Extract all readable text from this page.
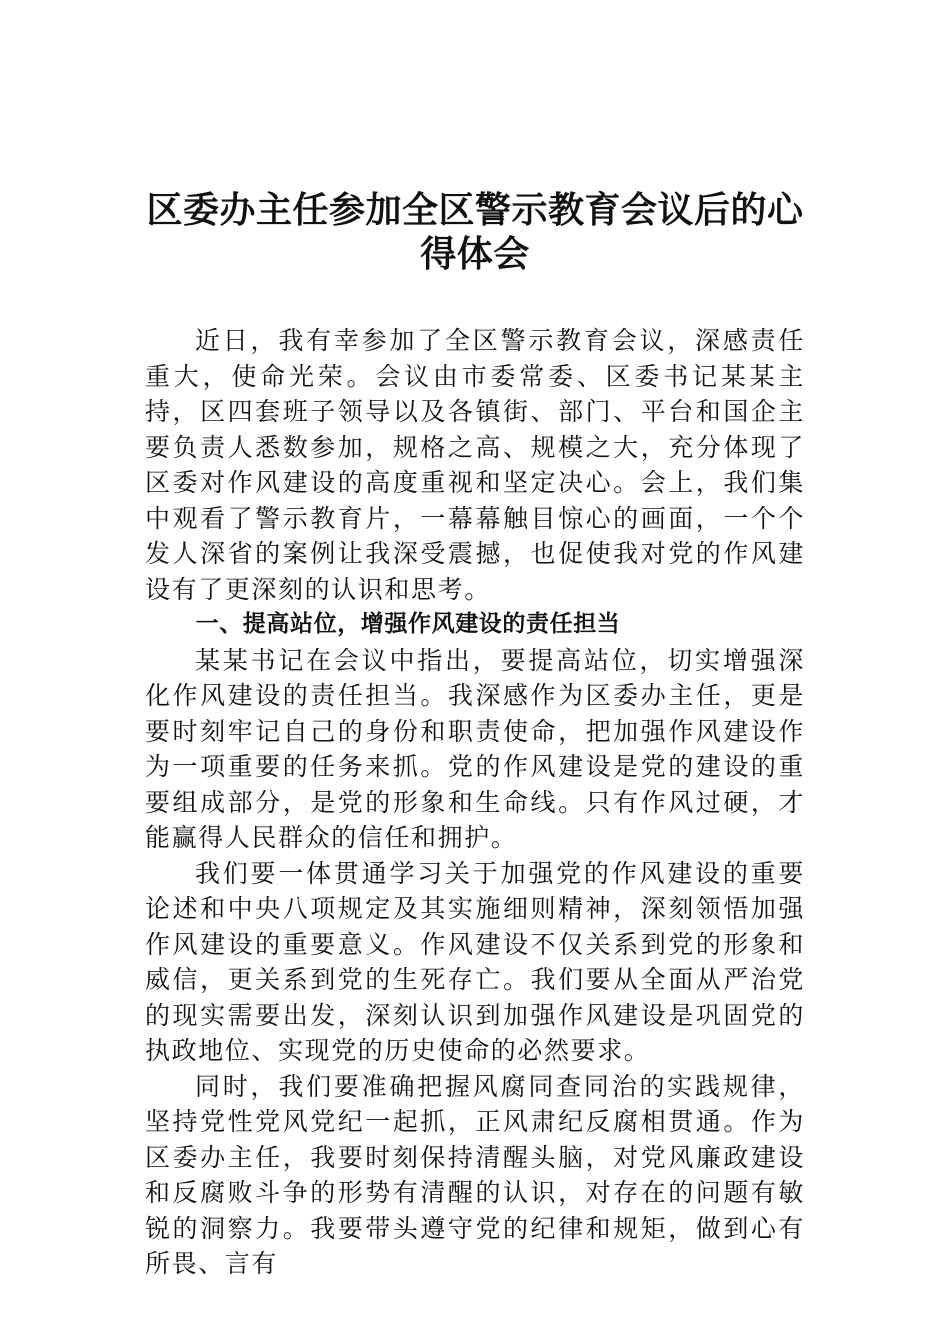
区委办主任参加全区警示教育会议后的心
得体会

近日，我有幸参加了全区警示教育会议，深感责任重大，使命光荣。会议由市委常委、区委书记某某主持，区四套班子领导以及各镇街、部门、平台和国企主要负责人悉数参加，规格之高、规模之大，充分体现了区委对作风建设的高度重视和坚定决心。会上，我们集中观看了警示教育片，一幕幕触目惊心的画面，一个个发人深省的案例让我深受震撼，也促使我对党的作风建设有了更深刻的认识和思考。

一、提高站位，增强作风建设的责任担当

某某书记在会议中指出，要提高站位，切实增强深化作风建设的责任担当。我深感作为区委办主任，更是要时刻牢记自己的身份和职责使命，把加强作风建设作为一项重要的任务来抓。党的作风建设是党的建设的重要组成部分，是党的形象和生命线。只有作风过硬，才能赢得人民群众的信任和拥护。

我们要一体贯通学习关于加强党的作风建设的重要论述和中央八项规定及其实施细则精神，深刻领悟加强作风建设的重要意义。作风建设不仅关系到党的形象和威信，更关系到党的生死存亡。我们要从全面从严治党的现实需要出发，深刻认识到加强作风建设是巩固党的执政地位、实现党的历史使命的必然要求。

同时，我们要准确把握风腐同查同治的实践规律，坚持党性党风党纪一起抓，正风肃纪反腐相贯通。作为区委办主任，我要时刻保持清醒头脑，对党风廉政建设和反腐败斗争的形势有清醒的认识，对存在的问题有敏锐的洞察力。我要带头遵守党的纪律和规矩，做到心有所畏、言有
